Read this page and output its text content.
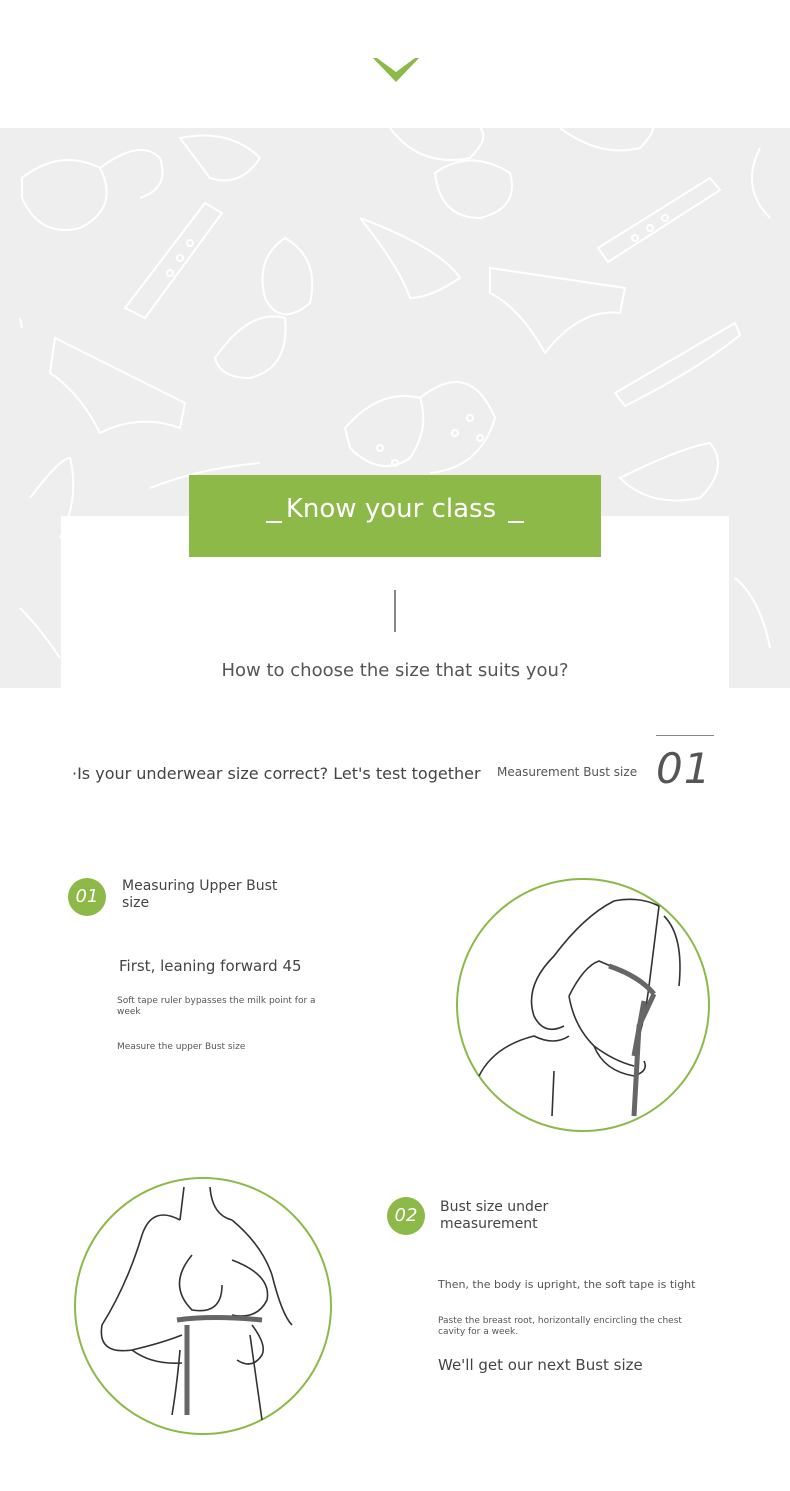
Know your class
How to choose the size that suits you?
·Is your underwear size correct? Let's test together Measurement Bust size 01
01	Measuring Upper Bust size
First, leaning forward 45
Soft tape ruler bypasses the milk point for a week
Measure the upper Bust size
02	Bust size under measurement
Then, the body is upright, the soft tape is tight
Paste the breast root, horizontally encircling the chest cavity for a week.
We'll get our next Bust size
